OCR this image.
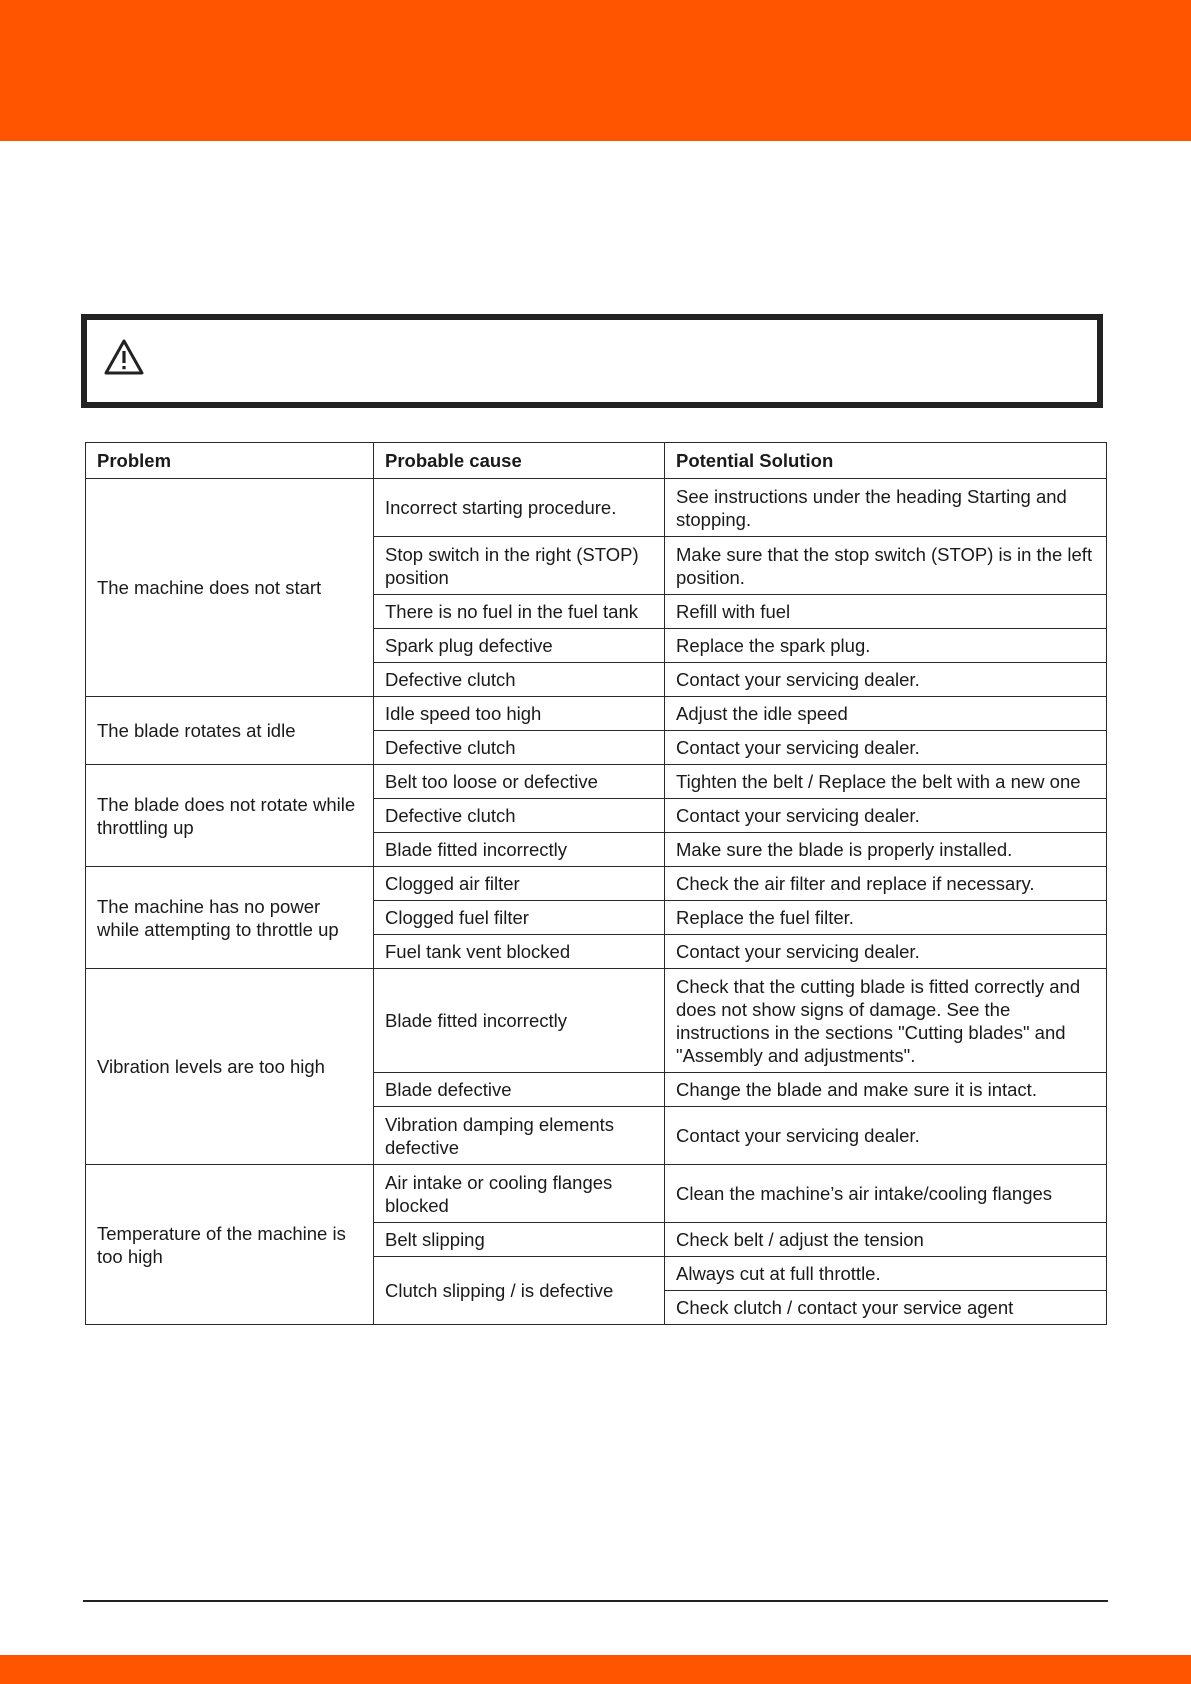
Problem	Probable cause	Potential Solution
The machine does not start	Incorrect starting procedure.	See instructions under the heading Starting and stopping.
	Stop switch in the right (STOP) position	Make sure that the stop switch (STOP) is in the left position.
	There is no fuel in the fuel tank	Refill with fuel
	Spark plug defective	Replace the spark plug.
	Defective clutch	Contact your servicing dealer.
The blade rotates at idle	Idle speed too high	Adjust the idle speed
	Defective clutch	Contact your servicing dealer.
The blade does not rotate while throttling up	Belt too loose or defective	Tighten the belt / Replace the belt with a new one
	Defective clutch	Contact your servicing dealer.
	Blade fitted incorrectly	Make sure the blade is properly installed.
The machine has no power while attempting to throttle up	Clogged air filter	Check the air filter and replace if necessary.
	Clogged fuel filter	Replace the fuel filter.
	Fuel tank vent blocked	Contact your servicing dealer.
Vibration levels are too high	Blade fitted incorrectly	Check that the cutting blade is fitted correctly and does not show signs of damage. See the instructions in the sections "Cutting blades" and "Assembly and adjustments".
	Blade defective	Change the blade and make sure it is intact.
	Vibration damping elements defective	Contact your servicing dealer.
Temperature of the machine is too high	Air intake or cooling flanges blocked	Clean the machine’s air intake/cooling flanges
	Belt slipping	Check belt / adjust the tension
	Clutch slipping / is defective	Always cut at full throttle.
		Check clutch / contact your service agent
